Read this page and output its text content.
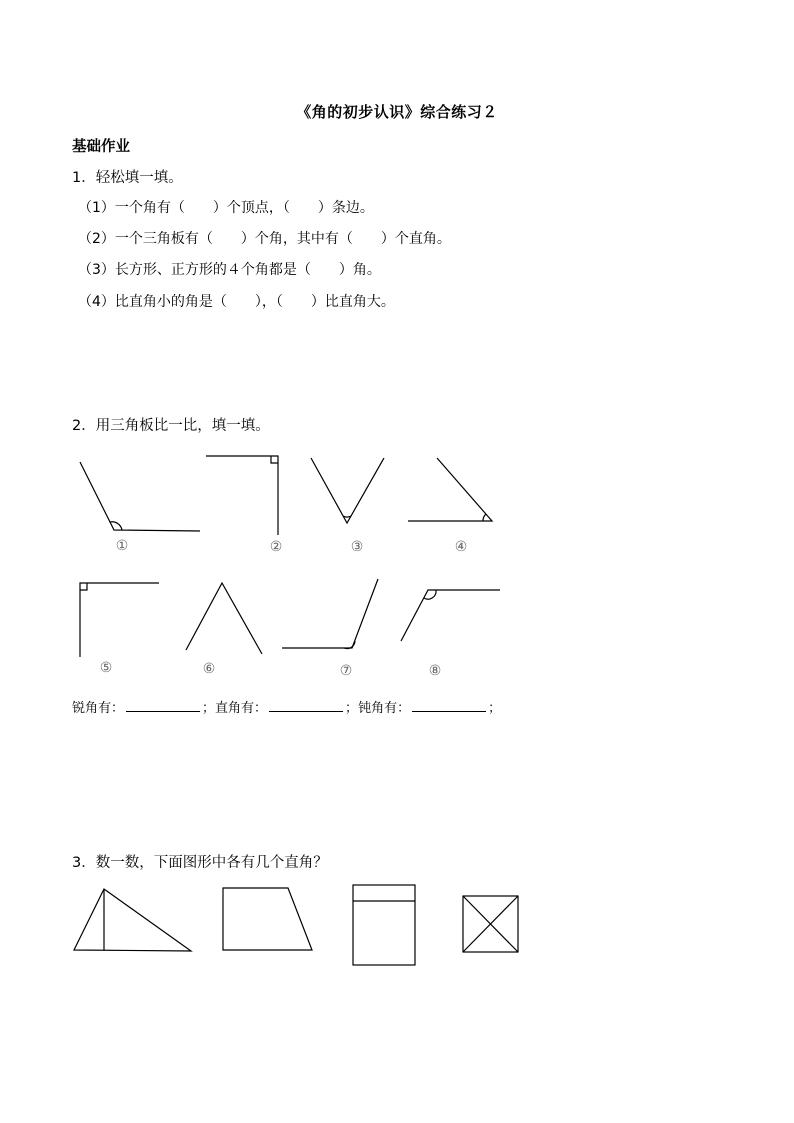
《角的初步认识》综合练习２
基础作业
1．轻松填一填。
（1）一个角有（　　）个顶点，（　　）条边。
（2）一个三角板有（　　）个角，其中有（　　）个直角。
（3）长方形、正方形的４个角都是（　　）角。
（4）比直角小的角是（　　），（　　）比直角大。
2．用三角板比一比，填一填。
①	②	③	④
⑤	⑥	⑦	⑧
锐角有：	；直角有：	；钝角有：	；
3．数一数，下面图形中各有几个直角？
